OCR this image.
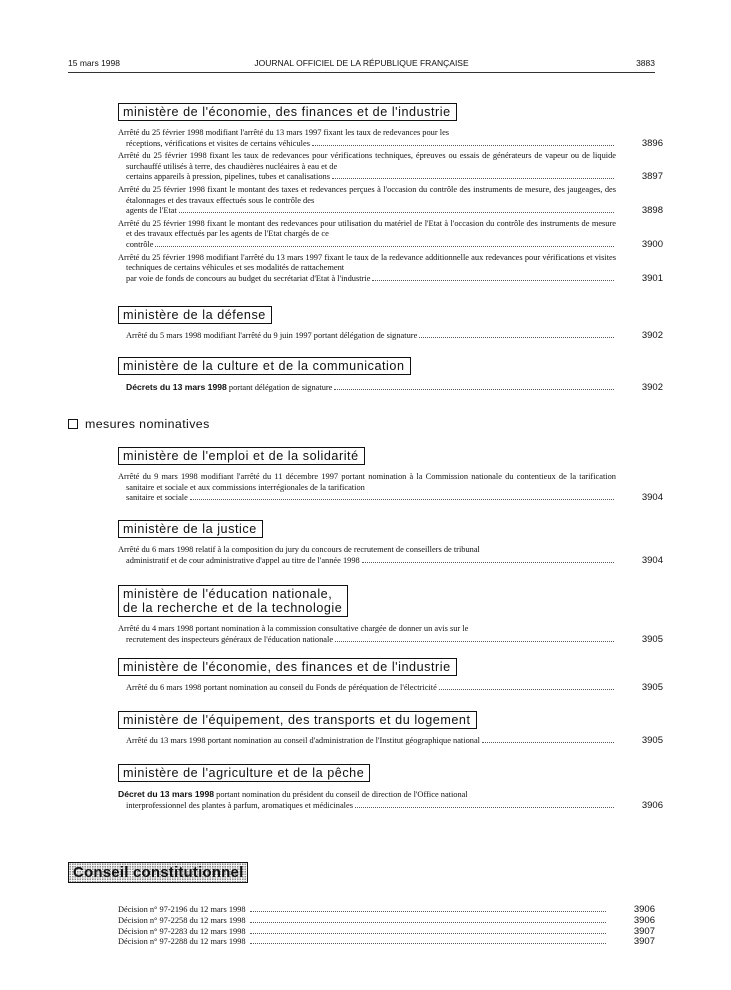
15 mars 1998	JOURNAL OFFICIEL DE LA RÉPUBLIQUE FRANÇAISE	3883
ministère de l'économie, des finances et de l'industrie
Arrêté du 25 février 1998 modifiant l'arrêté du 13 mars 1997 fixant les taux de redevances pour les
réceptions, vérifications et visites de certains véhicules	3896
Arrêté du 25 février 1998 fixant les taux de redevances pour vérifications techniques, épreuves ou essais de générateurs de vapeur ou de liquide surchauffé utilisés à terre, des chaudières nucléaires à eau et de
certains appareils à pression, pipelines, tubes et canalisations	3897
Arrêté du 25 février 1998 fixant le montant des taxes et redevances perçues à l'occasion du contrôle des instruments de mesure, des jaugeages, des étalonnages et des travaux effectués sous le contrôle des
agents de l'Etat	3898
Arrêté du 25 février 1998 fixant le montant des redevances pour utilisation du matériel de l'Etat à l'occasion du contrôle des instruments de mesure et des travaux effectués par les agents de l'Etat chargés de ce
contrôle	3900
Arrêté du 25 février 1998 modifiant l'arrêté du 13 mars 1997 fixant le taux de la redevance additionnelle aux redevances pour vérifications et visites techniques de certains véhicules et ses modalités de rattachement
par voie de fonds de concours au budget du secrétariat d'Etat à l'industrie	3901
ministère de la défense
Arrêté du 5 mars 1998 modifiant l'arrêté du 9 juin 1997 portant délégation de signature	3902
ministère de la culture et de la communication
Décrets du 13 mars 1998 portant délégation de signature	3902
mesures nominatives
ministère de l'emploi et de la solidarité
Arrêté du 9 mars 1998 modifiant l'arrêté du 11 décembre 1997 portant nomination à la Commission nationale du contentieux de la tarification sanitaire et sociale et aux commissions interrégionales de la tarification
sanitaire et sociale	3904
ministère de la justice
Arrêté du 6 mars 1998 relatif à la composition du jury du concours de recrutement de conseillers de tribunal
administratif et de cour administrative d'appel au titre de l'année 1998	3904
ministère de l'éducation nationale,
de la recherche et de la technologie
Arrêté du 4 mars 1998 portant nomination à la commission consultative chargée de donner un avis sur le
recrutement des inspecteurs généraux de l'éducation nationale	3905
ministère de l'économie, des finances et de l'industrie
Arrêté du 6 mars 1998 portant nomination au conseil du Fonds de péréquation de l'électricité	3905
ministère de l'équipement, des transports et du logement
Arrêté du 13 mars 1998 portant nomination au conseil d'administration de l'Institut géographique national	3905
ministère de l'agriculture et de la pêche
Décret du 13 mars 1998 portant nomination du président du conseil de direction de l'Office national
interprofessionnel des plantes à parfum, aromatiques et médicinales	3906
Conseil constitutionnel
Décision n° 97-2196 du 12 mars 1998	3906
Décision n° 97-2258 du 12 mars 1998	3906
Décision n° 97-2283 du 12 mars 1998	3907
Décision n° 97-2288 du 12 mars 1998	3907
